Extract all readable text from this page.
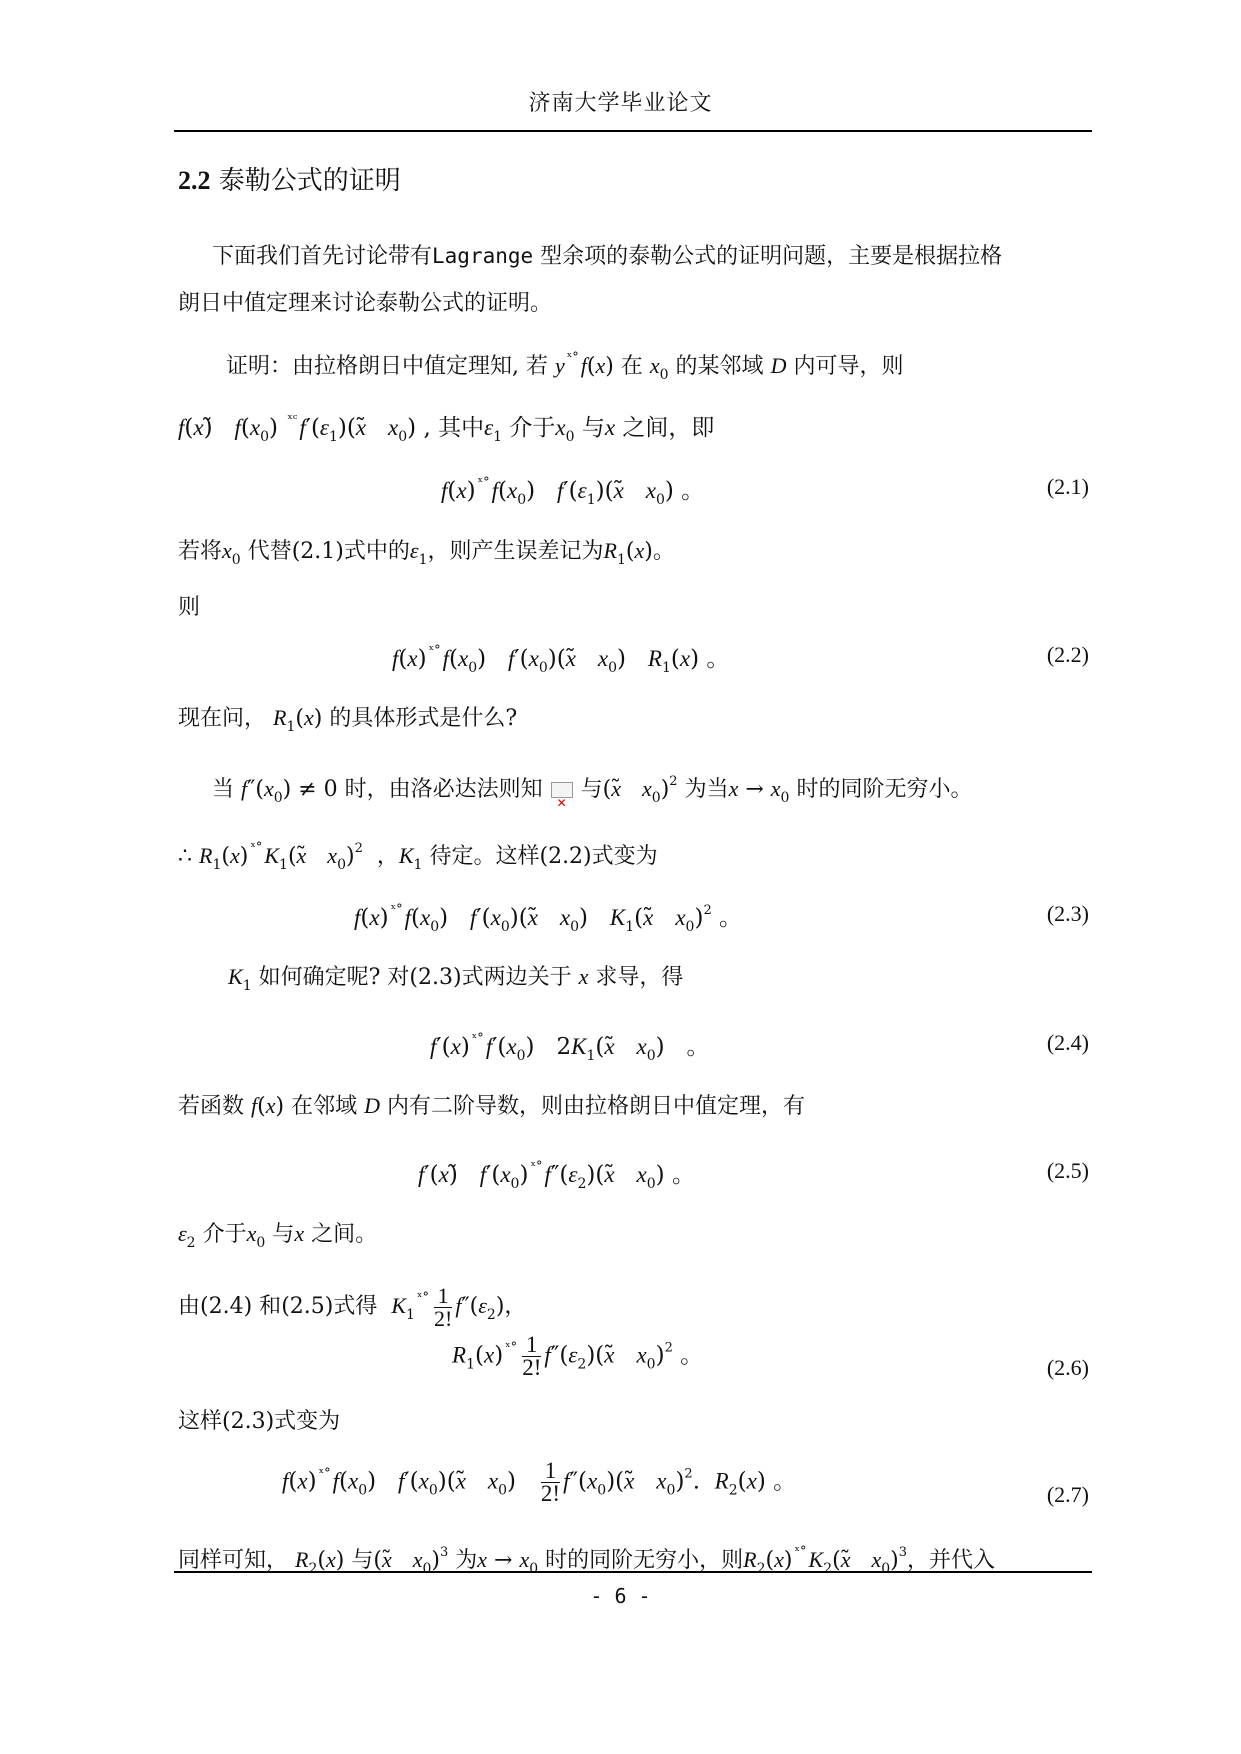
济南大学毕业论文
2.2 泰勒公式的证明
下面我们首先讨论带有Lagrange 型余项的泰勒公式的证明问题，主要是根据拉格
朗日中值定理来讨论泰勒公式的证明。
证明：由拉格朗日中值定理知, 若 y $^{ˣ^\circ}$f(x) 在 $x_0$ 的某邻域 D 内可导，则
f(x)̃   $f(x_0)$ $^{ˣᶜ}f'(\varepsilon_1)(x̃$   $x_0$) , 其中$\varepsilon_1$ 介于$x_0$ 与x 之间，即
f(x) $^{ˣ^\circ}f(x_0)$   $f'(\varepsilon_1)(x̃$   $x_0$) 。	(2.1)
若将$x_0$ 代替(2.1)式中的$\varepsilon_1$，则产生误差记为$R_1(x)$。
则
f(x) $^{ˣ^\circ}f(x_0)$   $f'(x_0)(x̃$   $x_0$)   $R_1(x)$ 。	(2.2)
现在问， $R_1(x)$ 的具体形式是什么?
当 $f''(x_0) \ne 0$ 时，由洛必达法则知✕ 与(x̃   $x_0)^2$ 为当$x \to x_0$ 时的同阶无穷小。
∴ $R_1(x)$ $^{ˣ^\circ}K_1(x̃$   $x_0)^2$  ，$K_1$ 待定。这样(2.2)式变为
f(x) $^{ˣ^\circ}f(x_0)$   $f'(x_0)(x̃$   $x_0$)   $K_1(x̃$   $x_0)^2$ 。	(2.3)
$K_1$ 如何确定呢? 对(2.3)式两边关于 x 求导，得
f′(x) $^{ˣ^\circ}f'(x_0)$   $2K_1(x̃$   $x_0$)   。	(2.4)
若函数 f(x) 在邻域 D 内有二阶导数，则由拉格朗日中值定理，有
f′(x)̃   $f'(x_0)$ $^{ˣ^\circ}f''(\varepsilon_2)(x̃$   $x_0$) 。	(2.5)
$\varepsilon_2$ 介于$x_0$ 与x 之间。
由(2.4) 和(2.5)式得 $K_1^{ˣ^\circ} \frac{1}{2!} f''(\varepsilon_2)$，
$R_1(x)$ $^{ˣ^\circ} \frac{1}{2!}$ $f''(\varepsilon_2)(x̃$   $x_0)^2$ 。	(2.6)
这样(2.3)式变为
f(x) $^{ˣ^\circ}f(x_0)$   $f'(x_0)(x̃$   $x_0) \frac{1}{2!}$ $f''(x_0)(x̃$   $x_0)^2$.  $R_2(x)$ 。	(2.7)
同样可知， $R_2(x)$ 与(x̃   $x_0)^3$ 为$x \to x_0$ 时的同阶无穷小，则$R_2(x)$ $^{ˣ^\circ}K_2(x̃$   $x_0)^3$，并代入
- 6 -
